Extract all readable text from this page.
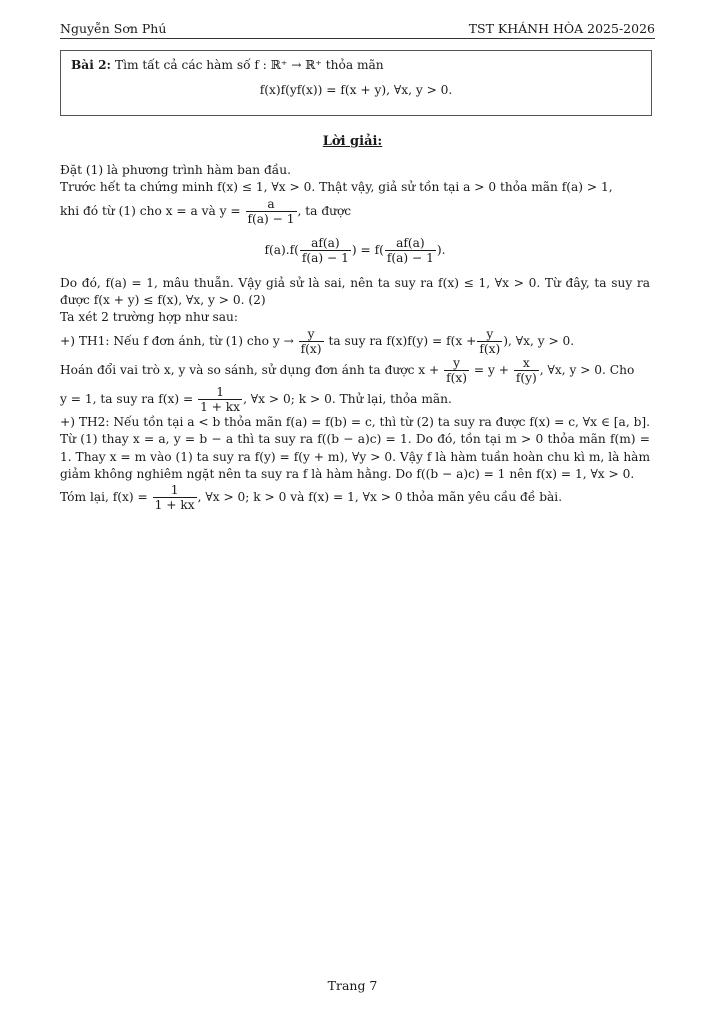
Nguyễn Sơn Phú	TST KHÁNH HÒA 2025-2026

Bài 2: Tìm tất cả các hàm số f : ℝ⁺ → ℝ⁺ thỏa mãn

f(x)f(yf(x)) = f(x + y), ∀x, y > 0.
Lời giải:

Đặt (1) là phương trình hàm ban đầu.

Trước hết ta chứng minh f(x) ≤ 1, ∀x > 0. Thật vậy, giả sử tồn tại a > 0 thỏa mãn f(a) > 1,

khi đó từ (1) cho x = a và $y = \frac{a}{f(a) - 1}$ , ta được

$f(a).f( \frac{af(a)}{f(a) - 1}$ ) = $f( \frac{af(a)}{f(a) - 1}$ ).

Do đó, f(a) = 1, mâu thuẫn. Vậy giả sử là sai, nên ta suy ra f(x) ≤ 1, ∀x > 0. Từ đây, ta suy ra được f(x + y) ≤ f(x), ∀x, y > 0. (2)

Ta xét 2 trường hợp như sau:

+) TH1: Nếu f đơn ánh, từ (1) cho $y \to \frac{y}{f(x)}$ ta suy ra $f(x)f(y) = f(x + \frac{y}{f(x)}$ ), ∀x, y > 0.

Hoán đổi vai trò x, y và so sánh, sử dụng đơn ánh ta được $x + \frac{y}{f(x)} = y + \frac{x}{f(y)}$ , ∀x, y > 0. Cho

y = 1, ta suy ra $f(x) = \frac{1}{1 + kx}$ , ∀x > 0; k > 0. Thử lại, thỏa mãn.

+) TH2: Nếu tồn tại a < b thỏa mãn f(a) = f(b) = c, thì từ (2) ta suy ra được f(x) = c, ∀x ∈ [a, b]. Từ (1) thay x = a, y = b − a thì ta suy ra f((b − a)c) = 1. Do đó, tồn tại m > 0 thỏa mãn f(m) = 1. Thay x = m vào (1) ta suy ra f(y) = f(y + m), ∀y > 0. Vậy f là hàm tuần hoàn chu kì m, là hàm giảm không nghiêm ngặt nên ta suy ra f là hàm hằng. Do f((b − a)c) = 1 nên f(x) = 1, ∀x > 0.

Tóm lại, $f(x) = \frac{1}{1 + kx}$ , ∀x > 0; k > 0 và f(x) = 1, ∀x > 0 thỏa mãn yêu cầu đề bài.

Trang 7
